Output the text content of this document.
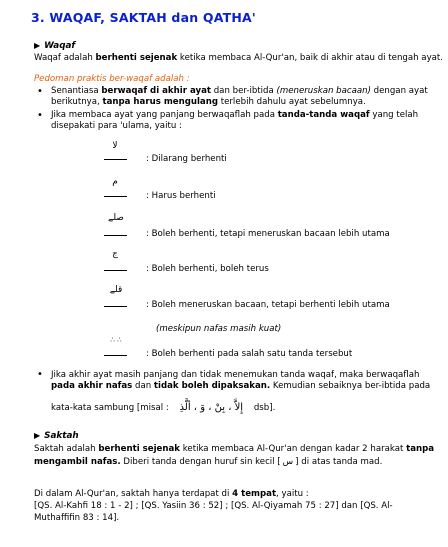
3. WAQAF, SAKTAH dan QATHA'
▶ Waqaf
Waqaf adalah berhenti sejenak ketika membaca Al-Qur'an, baik di akhir atau di tengah ayat.
Pedoman praktis ber-waqaf adalah :
• Senantiasa berwaqaf di akhir ayat dan ber-ibtida (meneruskan bacaan) dengan ayat
berikutnya, tanpa harus mengulang terlebih dahulu ayat sebelumnya.
• Jika membaca ayat yang panjang berwaqaflah pada tanda-tanda waqaf yang telah
disepakati para 'ulama, yaitu :
لا
: Dilarang berhenti
م
: Harus berhenti
صلے
: Boleh berhenti, tetapi meneruskan bacaan lebih utama
ج
: Boleh berhenti, boleh terus
قلے
: Boleh meneruskan bacaan, tetapi berhenti lebih utama
(meskipun nafas masih kuat)
∴ ∴
: Boleh berhenti pada salah satu tanda tersebut
• Jika akhir ayat masih panjang dan tidak menemukan tanda waqaf, maka berwaqaflah
pada akhir nafas dan tidak boleh dipaksakan. Kemudian sebaiknya ber-ibtida pada
kata-kata sambung [misal : إِلاَّ ، بِنْ ، وَ ، ألَّذِ dsb].
▶ Saktah
Saktah adalah berhenti sejenak ketika membaca Al-Qur'an dengan kadar 2 harakat tanpa
mengambil nafas. Diberi tanda dengan huruf sin kecil [ س ] di atas tanda mad.
Di dalam Al-Qur'an, saktah hanya terdapat di 4 tempat, yaitu :
[QS. Al-Kahfi 18 : 1 - 2] ; [QS. Yasiin 36 : 52] ; [QS. Al-Qiyamah 75 : 27] dan [QS. Al-
Muthaffifin 83 : 14].
